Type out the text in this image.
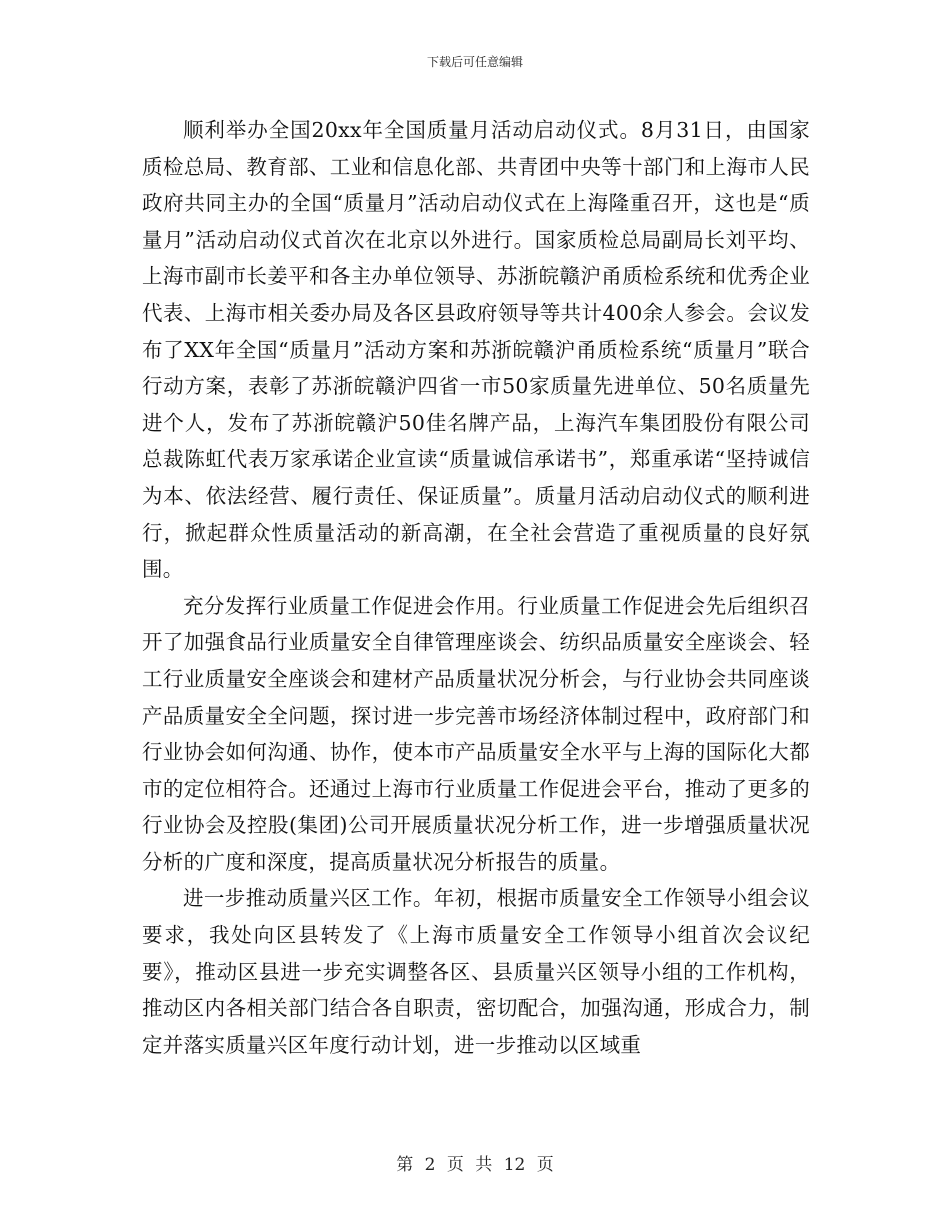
下载后可任意编辑

顺利举办全国20xx年全国质量月活动启动仪式。8月31日，由国家质检总局、教育部、工业和信息化部、共青团中央等十部门和上海市人民政府共同主办的全国“质量月”活动启动仪式在上海隆重召开，这也是“质量月”活动启动仪式首次在北京以外进行。国家质检总局副局长刘平均、上海市副市长姜平和各主办单位领导、苏浙皖赣沪甬质检系统和优秀企业代表、上海市相关委办局及各区县政府领导等共计400余人参会。会议发布了XX年全国“质量月”活动方案和苏浙皖赣沪甬质检系统“质量月”联合行动方案，表彰了苏浙皖赣沪四省一市50家质量先进单位、50名质量先进个人，发布了苏浙皖赣沪50佳名牌产品，上海汽车集团股份有限公司总裁陈虹代表万家承诺企业宣读“质量诚信承诺书”，郑重承诺“坚持诚信为本、依法经营、履行责任、保证质量”。质量月活动启动仪式的顺利进行，掀起群众性质量活动的新高潮，在全社会营造了重视质量的良好氛围。

充分发挥行业质量工作促进会作用。行业质量工作促进会先后组织召开了加强食品行业质量安全自律管理座谈会、纺织品质量安全座谈会、轻工行业质量安全座谈会和建材产品质量状况分析会，与行业协会共同座谈产品质量安全全问题，探讨进一步完善市场经济体制过程中，政府部门和行业协会如何沟通、协作，使本市产品质量安全水平与上海的国际化大都市的定位相符合。还通过上海市行业质量工作促进会平台，推动了更多的行业协会及控股(集团)公司开展质量状况分析工作，进一步增强质量状况分析的广度和深度，提高质量状况分析报告的质量。

进一步推动质量兴区工作。年初，根据市质量安全工作领导小组会议要求，我处向区县转发了《上海市质量安全工作领导小组首次会议纪要》，推动区县进一步充实调整各区、县质量兴区领导小组的工作机构，推动区内各相关部门结合各自职责，密切配合，加强沟通，形成合力，制定并落实质量兴区年度行动计划，进一步推动以区域重

第 2 页 共 12 页
